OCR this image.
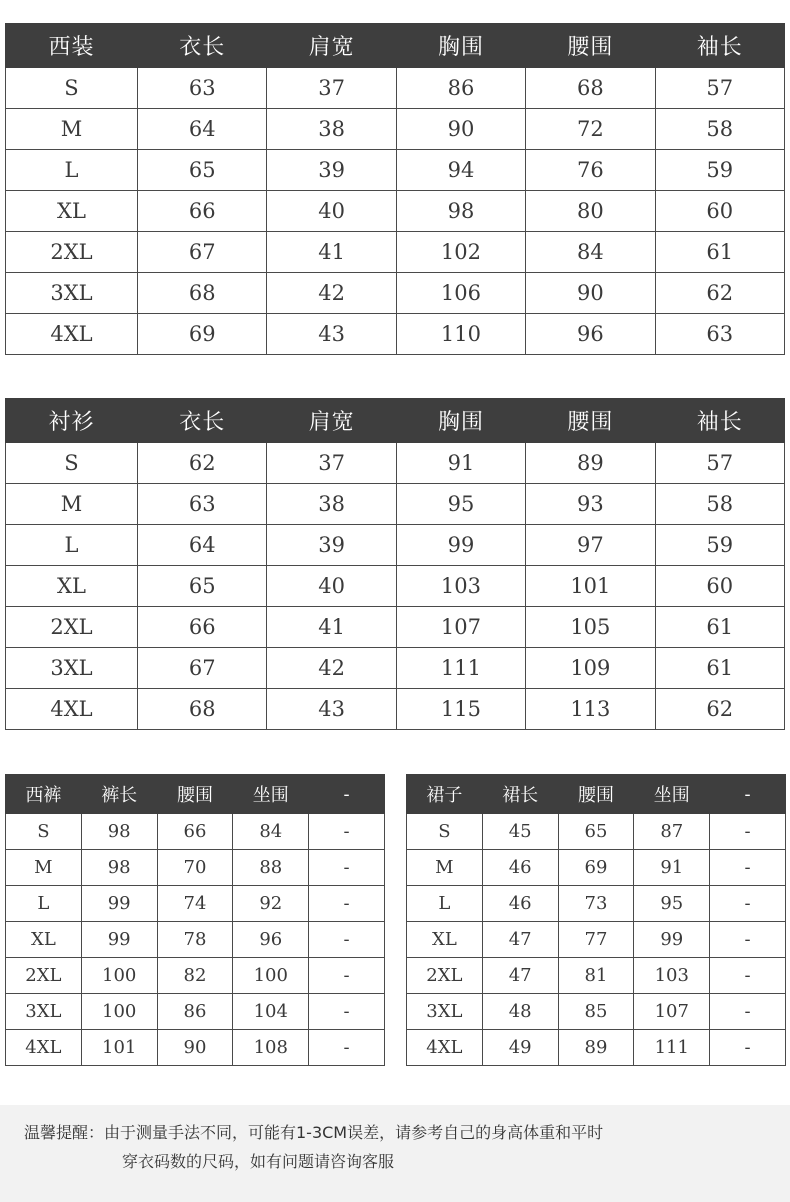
西装	衣长	肩宽	胸围	腰围	袖长
S	63	37	86	68	57
M	64	38	90	72	58
L	65	39	94	76	59
XL	66	40	98	80	60
2XL	67	41	102	84	61
3XL	68	42	106	90	62
4XL	69	43	110	96	63
衬衫	衣长	肩宽	胸围	腰围	袖长
S	62	37	91	89	57
M	63	38	95	93	58
L	64	39	99	97	59
XL	65	40	103	101	60
2XL	66	41	107	105	61
3XL	67	42	111	109	61
4XL	68	43	115	113	62
西裤	裤长	腰围	坐围	-
S	98	66	84	-
M	98	70	88	-
L	99	74	92	-
XL	99	78	96	-
2XL	100	82	100	-
3XL	100	86	104	-
4XL	101	90	108	-
裙子	裙长	腰围	坐围	-
S	45	65	87	-
M	46	69	91	-
L	46	73	95	-
XL	47	77	99	-
2XL	47	81	103	-
3XL	48	85	107	-
4XL	49	89	111	-
温馨提醒：由于测量手法不同，可能有1-3CM误差，请参考自己的身高体重和平时
穿衣码数的尺码，如有问题请咨询客服
